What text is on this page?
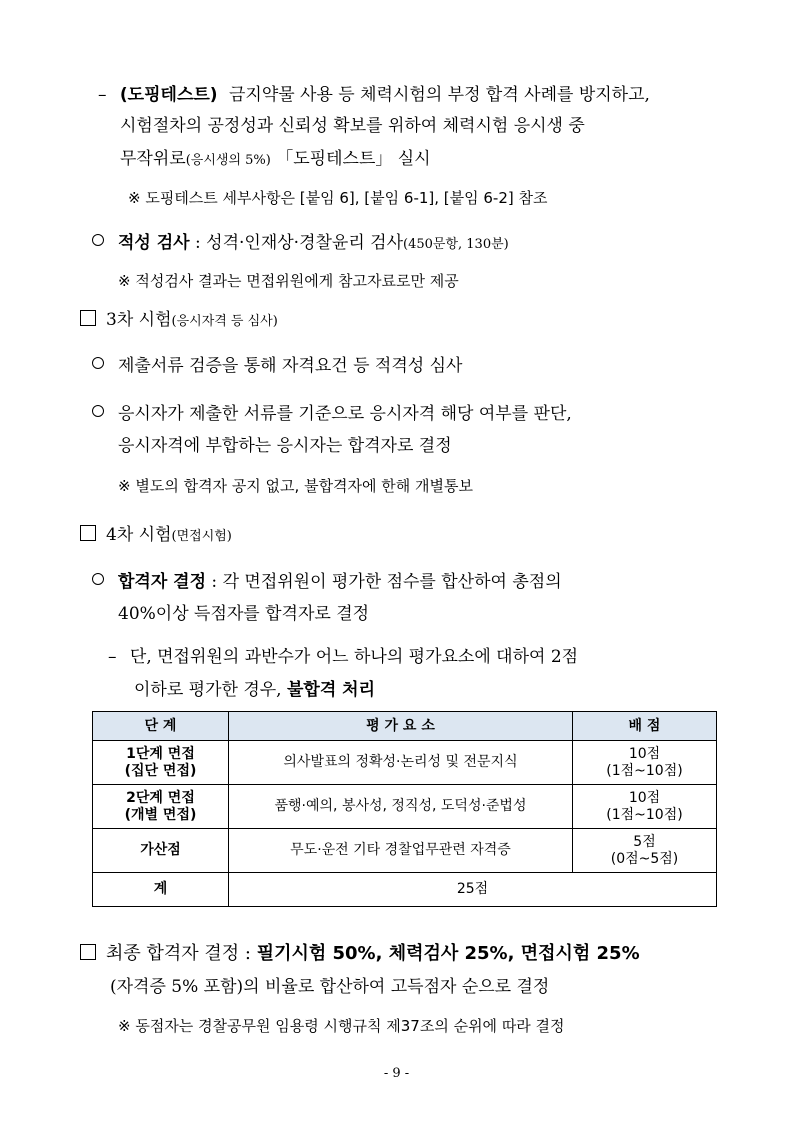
– (도핑테스트) 금지약물 사용 등 체력시험의 부정 합격 사례를 방지하고,
시험절차의 공정성과 신뢰성 확보를 위하여 체력시험 응시생 중
무작위로(응시생의 5%) 「도핑테스트」 실시
※ 도핑테스트 세부사항은 [붙임 6], [붙임 6-1], [붙임 6-2] 참조
적성 검사 : 성격·인재상·경찰윤리 검사(450문항, 130분)
※ 적성검사 결과는 면접위원에게 참고자료로만 제공
3차 시험(응시자격 등 심사)
제출서류 검증을 통해 자격요건 등 적격성 심사
응시자가 제출한 서류를 기준으로 응시자격 해당 여부를 판단,
응시자격에 부합하는 응시자는 합격자로 결정
※ 별도의 합격자 공지 없고, 불합격자에 한해 개별통보
4차 시험(면접시험)
합격자 결정 : 각 면접위원이 평가한 점수를 합산하여 총점의
40%이상 득점자를 합격자로 결정
– 단, 면접위원의 과반수가 어느 하나의 평가요소에 대하여 2점
이하로 평가한 경우, 불합격 처리
단 계	평 가 요 소	배 점
1단계 면접
(집단 면접)	의사발표의 정확성·논리성 및 전문지식	10점
(1점~10점)
2단계 면접
(개별 면접)	품행·예의, 봉사성, 정직성, 도덕성·준법성	10점
(1점~10점)
가산점	무도·운전 기타 경찰업무관련 자격증	5점
(0점~5점)
계	25점	
최종 합격자 결정 : 필기시험 50%, 체력검사 25%, 면접시험 25%
(자격증 5% 포함)의 비율로 합산하여 고득점자 순으로 결정
※ 동점자는 경찰공무원 임용령 시행규칙 제37조의 순위에 따라 결정
- 9 -
